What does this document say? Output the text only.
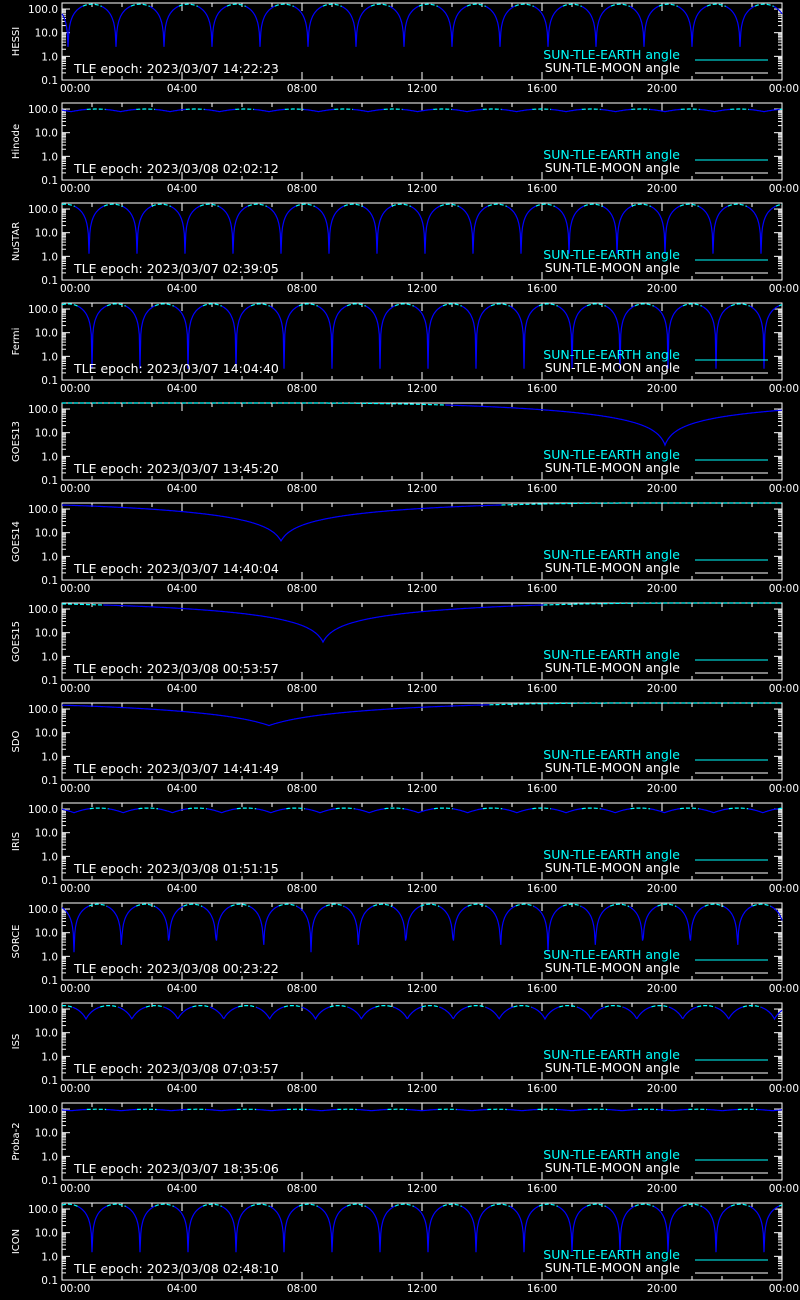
HESSI
100.0
10.0
1.0
0.1
00:00	04:00	08:00	12:00	16:00	20:00	00:00
TLE epoch: 2023/03/07 14:22:23
SUN-TLE-EARTH angle
SUN-TLE-MOON angle
Hinode
100.0
10.0
1.0
0.1
00:00	04:00	08:00	12:00	16:00	20:00	00:00
TLE epoch: 2023/03/08 02:02:12
SUN-TLE-EARTH angle
SUN-TLE-MOON angle
NuSTAR
100.0
10.0
1.0
0.1
00:00	04:00	08:00	12:00	16:00	20:00	00:00
TLE epoch: 2023/03/07 02:39:05
SUN-TLE-EARTH angle
SUN-TLE-MOON angle
Fermi
100.0
10.0
1.0
0.1
00:00	04:00	08:00	12:00	16:00	20:00	00:00
TLE epoch: 2023/03/07 14:04:40
SUN-TLE-EARTH angle
SUN-TLE-MOON angle
GOES13
100.0
10.0
1.0
0.1
00:00	04:00	08:00	12:00	16:00	20:00	00:00
TLE epoch: 2023/03/07 13:45:20
SUN-TLE-EARTH angle
SUN-TLE-MOON angle
GOES14
100.0
10.0
1.0
0.1
00:00	04:00	08:00	12:00	16:00	20:00	00:00
TLE epoch: 2023/03/07 14:40:04
SUN-TLE-EARTH angle
SUN-TLE-MOON angle
GOES15
100.0
10.0
1.0
0.1
00:00	04:00	08:00	12:00	16:00	20:00	00:00
TLE epoch: 2023/03/08 00:53:57
SUN-TLE-EARTH angle
SUN-TLE-MOON angle
SDO
100.0
10.0
1.0
0.1
00:00	04:00	08:00	12:00	16:00	20:00	00:00
TLE epoch: 2023/03/07 14:41:49
SUN-TLE-EARTH angle
SUN-TLE-MOON angle
IRIS
100.0
10.0
1.0
0.1
00:00	04:00	08:00	12:00	16:00	20:00	00:00
TLE epoch: 2023/03/08 01:51:15
SUN-TLE-EARTH angle
SUN-TLE-MOON angle
SORCE
100.0
10.0
1.0
0.1
00:00	04:00	08:00	12:00	16:00	20:00	00:00
TLE epoch: 2023/03/08 00:23:22
SUN-TLE-EARTH angle
SUN-TLE-MOON angle
ISS
100.0
10.0
1.0
0.1
00:00	04:00	08:00	12:00	16:00	20:00	00:00
TLE epoch: 2023/03/08 07:03:57
SUN-TLE-EARTH angle
SUN-TLE-MOON angle
Proba-2
100.0
10.0
1.0
0.1
00:00	04:00	08:00	12:00	16:00	20:00	00:00
TLE epoch: 2023/03/07 18:35:06
SUN-TLE-EARTH angle
SUN-TLE-MOON angle
ICON
100.0
10.0
1.0
0.1
00:00	04:00	08:00	12:00	16:00	20:00	00:00
TLE epoch: 2023/03/08 02:48:10
SUN-TLE-EARTH angle
SUN-TLE-MOON angle
